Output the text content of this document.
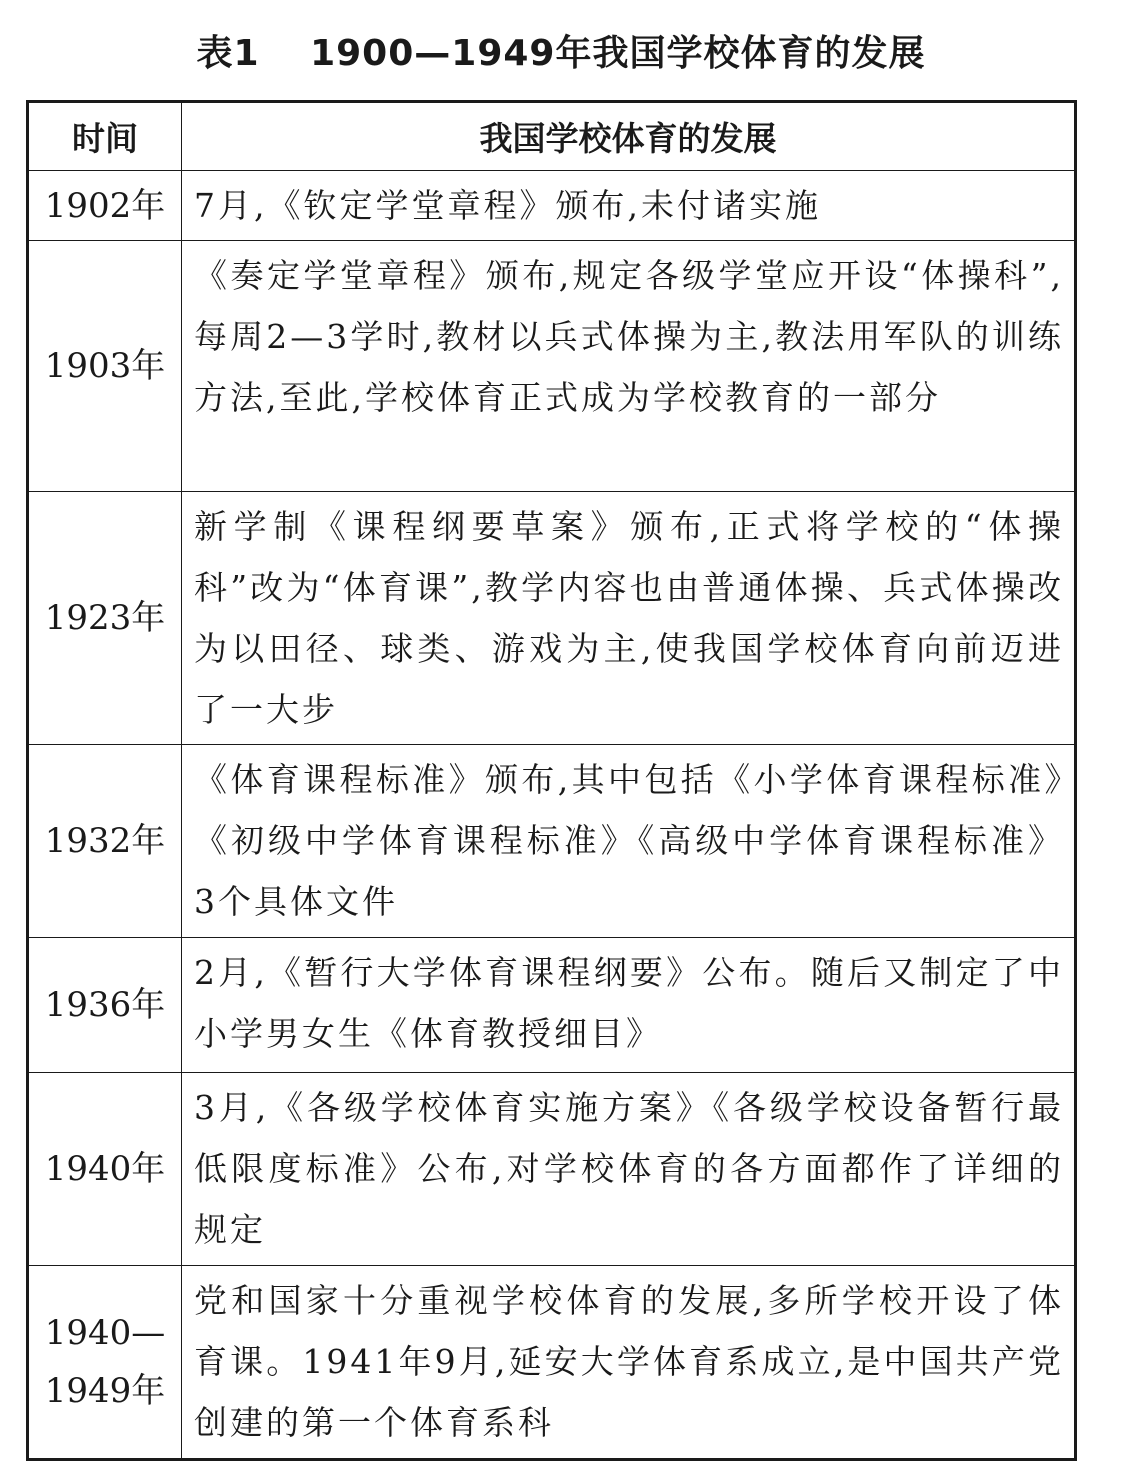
表1　 1900—1949年我国学校体育的发展
时间	我国学校体育的发展
1902年	7月,《钦定学堂章程》颁布,未付诸实施
1903年	《奏定学堂章程》颁布,规定各级学堂应开设“体操科”,每周2—3学时,教材以兵式体操为主,教法用军队的训练方法,至此,学校体育正式成为学校教育的一部分
1923年	新学制《课程纲要草案》颁布,正式将学校的“体操科”改为“体育课”,教学内容也由普通体操、兵式体操改为以田径、球类、游戏为主,使我国学校体育向前迈进了一大步
1932年	《体育课程标准》颁布,其中包括《小学体育课程标准》《初级中学体育课程标准》《高级中学体育课程标准》3个具体文件
1936年	2月,《暂行大学体育课程纲要》公布。随后又制定了中小学男女生《体育教授细目》
1940年	3月,《各级学校体育实施方案》《各级学校设备暂行最低限度标准》公布,对学校体育的各方面都作了详细的规定
1940—1949年	党和国家十分重视学校体育的发展,多所学校开设了体育课。1941年9月,延安大学体育系成立,是中国共产党创建的第一个体育系科
